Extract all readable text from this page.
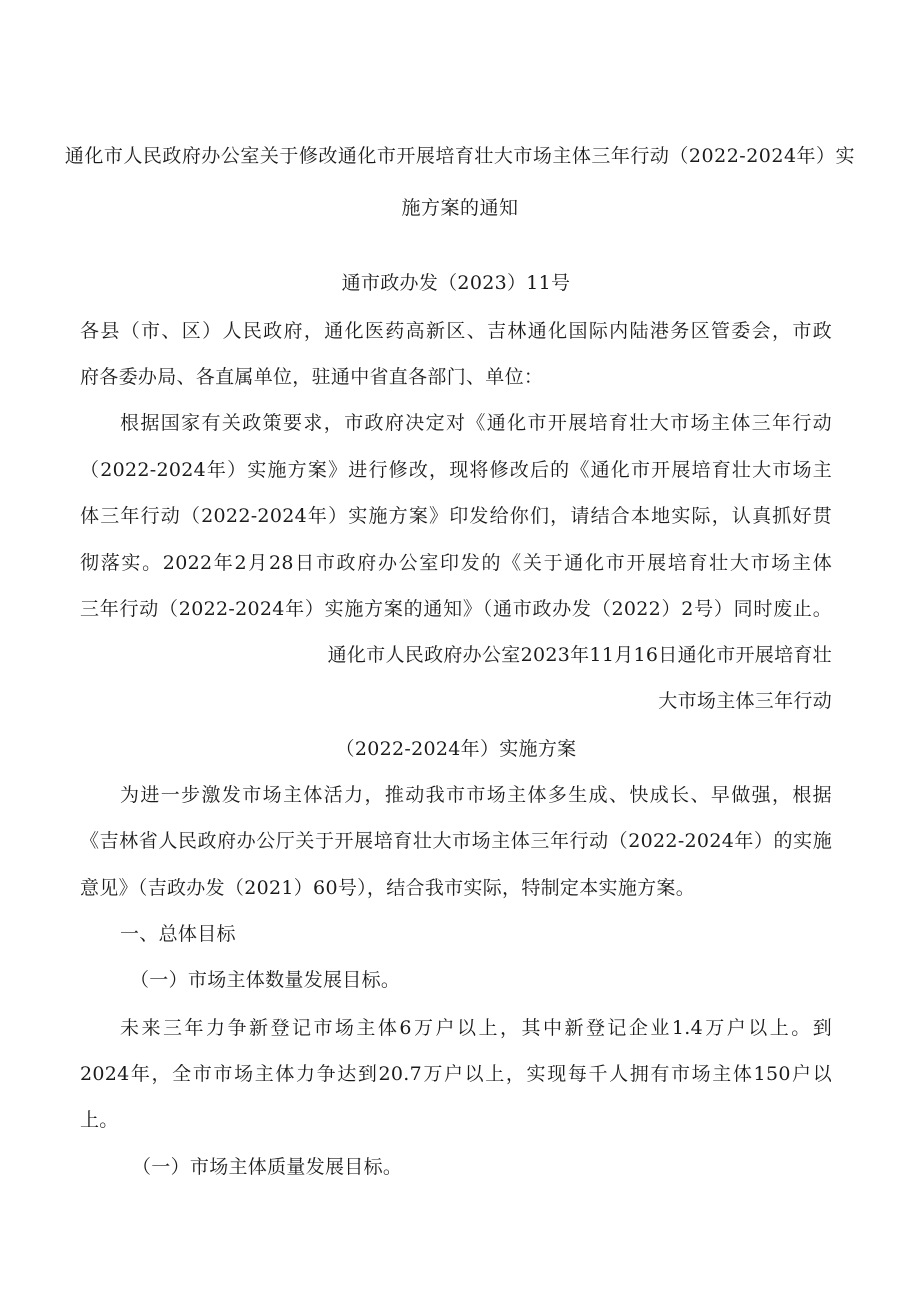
通化市人民政府办公室关于修改通化市开展培育壮大市场主体三年行动（2022-2024年）实施方案的通知
通市政办发（2023）11号
各县（市、区）人民政府，通化医药高新区、吉林通化国际内陆港务区管委会，市政
府各委办局、各直属单位，驻通中省直各部门、单位：
根据国家有关政策要求，市政府决定对《通化市开展培育壮大市场主体三年行动
（2022-2024年）实施方案》进行修改，现将修改后的《通化市开展培育壮大市场主
体三年行动（2022-2024年）实施方案》印发给你们，请结合本地实际，认真抓好贯
彻落实。2022年2月28日市政府办公室印发的《关于通化市开展培育壮大市场主体
三年行动（2022-2024年）实施方案的通知》（通市政办发（2022）2号）同时废止。
通化市人民政府办公室2023年11月16日通化市开展培育壮
大市场主体三年行动
（2022-2024年）实施方案
为进一步激发市场主体活力，推动我市市场主体多生成、快成长、早做强，根据
《吉林省人民政府办公厅关于开展培育壮大市场主体三年行动（2022-2024年）的实施
意见》（吉政办发（2021）60号），结合我市实际，特制定本实施方案。
一、总体目标
（一）市场主体数量发展目标。
未来三年力争新登记市场主体6万户以上，其中新登记企业1.4万户以上。到
2024年，全市市场主体力争达到20.7万户以上，实现每千人拥有市场主体150户以
上。
（一）市场主体质量发展目标。
